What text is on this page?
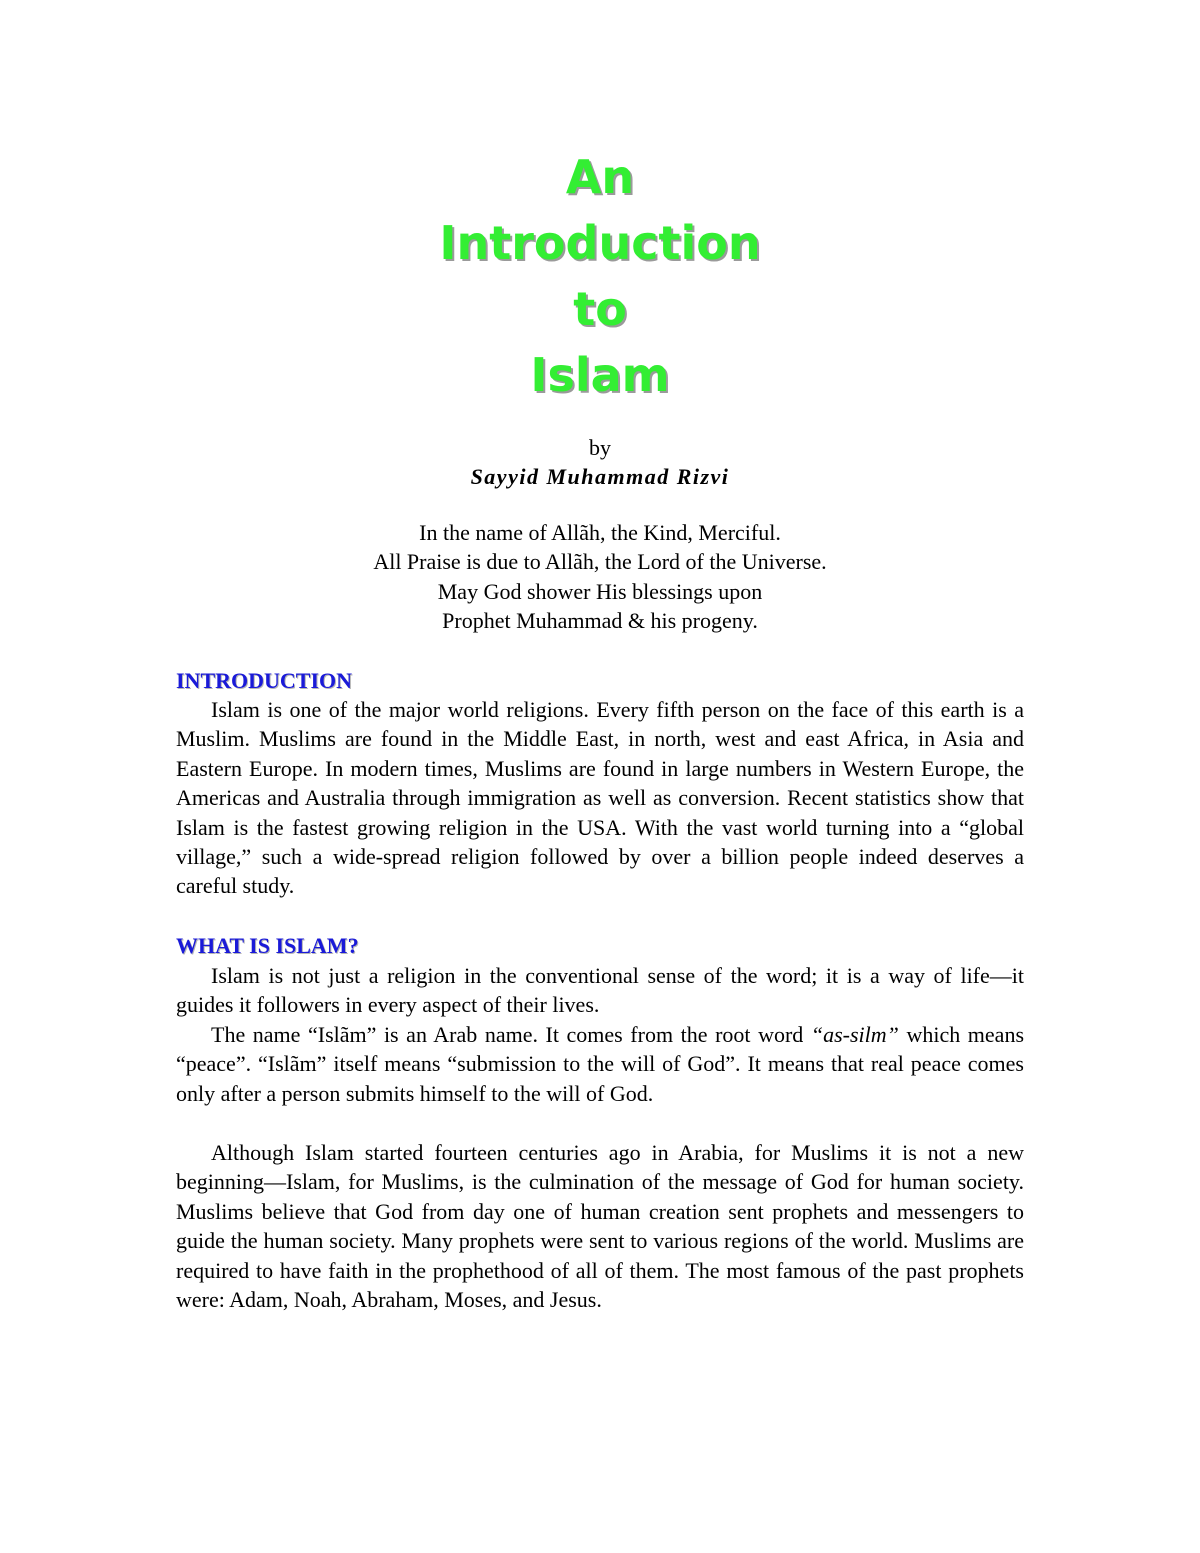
An
Introduction
to
Islam
by
Sayyid Muhammad Rizvi
In the name of Allãh, the Kind, Merciful.
All Praise is due to Allãh, the Lord of the Universe.
May God shower His blessings upon
Prophet Muhammad & his progeny.
INTRODUCTION
Islam is one of the major world religions. Every fifth person on the face of this earth is a Muslim. Muslims are found in the Middle East, in north, west and east Africa, in Asia and Eastern Europe. In modern times, Muslims are found in large numbers in Western Europe, the Americas and Australia through immigration as well as conversion. Recent statistics show that Islam is the fastest growing religion in the USA. With the vast world turning into a “global village,” such a wide-spread religion followed by over a billion people indeed deserves a careful study.
WHAT IS ISLAM?
Islam is not just a religion in the conventional sense of the word; it is a way of life—it guides it followers in every aspect of their lives.
The name “Islãm” is an Arab name. It comes from the root word “as-silm” which means “peace”. “Islãm” itself means “submission to the will of God”. It means that real peace comes only after a person submits himself to the will of God.
Although Islam started fourteen centuries ago in Arabia, for Muslims it is not a new beginning—Islam, for Muslims, is the culmination of the message of God for human society. Muslims believe that God from day one of human creation sent prophets and messengers to guide the human society. Many prophets were sent to various regions of the world. Muslims are required to have faith in the prophethood of all of them. The most famous of the past prophets were: Adam, Noah, Abraham, Moses, and Jesus.
